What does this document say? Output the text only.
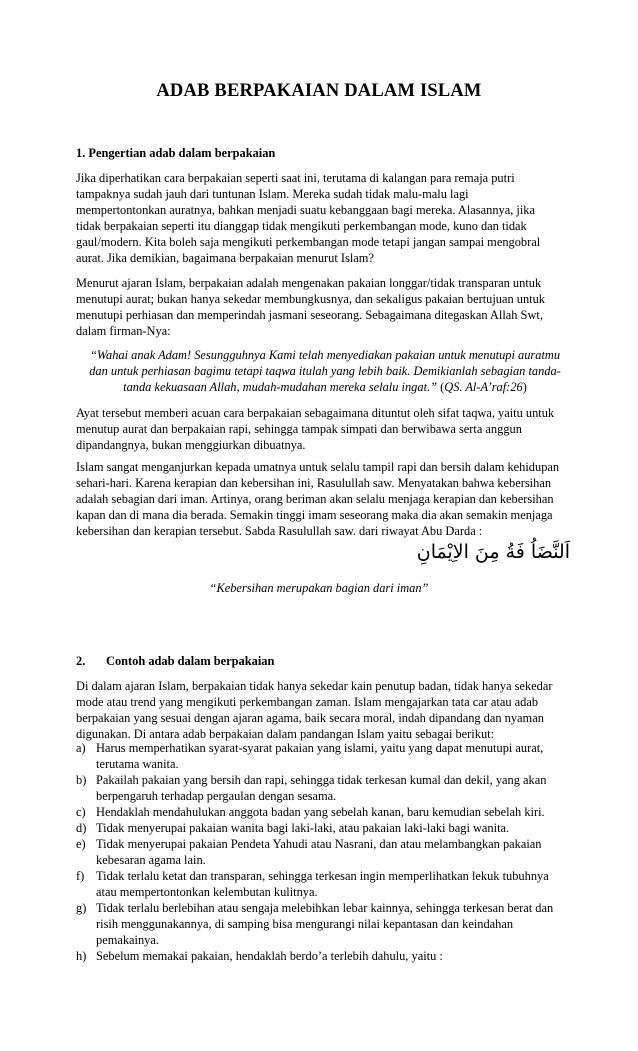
ADAB BERPAKAIAN DALAM ISLAM
1. Pengertian adab dalam berpakaian
Jika diperhatikan cara berpakaian seperti saat ini, terutama di kalangan para remaja putri
tampaknya sudah jauh dari tuntunan Islam. Mereka sudah tidak malu-malu lagi
mempertontonkan auratnya, bahkan menjadi suatu kebanggaan bagi mereka. Alasannya, jika
tidak berpakaian seperti itu dianggap tidak mengikuti perkembangan mode, kuno dan tidak
gaul/modern. Kita boleh saja mengikuti perkembangan mode tetapi jangan sampai mengobral
aurat. Jika demikian, bagaimana berpakaian menurut Islam?
Menurut ajaran Islam, berpakaian adalah mengenakan pakaian longgar/tidak transparan untuk
menutupi aurat; bukan hanya sekedar membungkusnya, dan sekaligus pakaian bertujuan untuk
menutupi perhiasan dan memperindah jasmani seseorang. Sebagaimana ditegaskan Allah Swt,
dalam firman-Nya:
“Wahai anak Adam! Sesungguhnya Kami telah menyediakan pakaian untuk menutupi auratmu
dan untuk perhiasan bagimu tetapi taqwa itulah yang lebih baik. Demikianlah sebagian tanda-
tanda kekuasaan Allah, mudah-mudahan mereka selalu ingat.” (QS. Al-A’raf:26)
Ayat tersebut memberi acuan cara berpakaian sebagaimana dituntut oleh sifat taqwa, yaitu untuk
menutup aurat dan berpakaian rapi, sehingga tampak simpati dan berwibawa serta anggun
dipandangnya, bukan menggiurkan dibuatnya.
Islam sangat menganjurkan kepada umatnya untuk selalu tampil rapi dan bersih dalam kehidupan
sehari-hari. Karena kerapian dan kebersihan ini, Rasulullah saw. Menyatakan bahwa kebersihan
adalah sebagian dari iman. Artinya, orang beriman akan selalu menjaga kerapian dan kebersihan
kapan dan di mana dia berada. Semakin tinggi imam seseorang maka dia akan semakin menjaga
kebersihan dan kerapian tersebut. Sabda Rasulullah saw. dari riwayat Abu Darda :
اَلنَّضَاُ فَةُ مِنَ الاِيْمَانِ
“Kebersihan merupakan bagian dari iman”
2. Contoh adab dalam berpakaian
Di dalam ajaran Islam, berpakaian tidak hanya sekedar kain penutup badan, tidak hanya sekedar
mode atau trend yang mengikuti perkembangan zaman. Islam mengajarkan tata car atau adab
berpakaian yang sesuai dengan ajaran agama, baik secara moral, indah dipandang dan nyaman
digunakan. Di antara adab berpakaian dalam pandangan Islam yaitu sebagai berikut:
a) Harus memperhatikan syarat-syarat pakaian yang islami, yaitu yang dapat menutupi aurat,
terutama wanita.
b) Pakailah pakaian yang bersih dan rapi, sehingga tidak terkesan kumal dan dekil, yang akan
berpengaruh terhadap pergaulan dengan sesama.
c) Hendaklah mendahulukan anggota badan yang sebelah kanan, baru kemudian sebelah kiri.
d) Tidak menyerupai pakaian wanita bagi laki-laki, atau pakaian laki-laki bagi wanita.
e) Tidak menyerupai pakaian Pendeta Yahudi atau Nasrani, dan atau melambangkan pakaian
kebesaran agama lain.
f) Tidak terlalu ketat dan transparan, sehingga terkesan ingin memperlihatkan lekuk tubuhnya
atau mempertontonkan kelembutan kulitnya.
g) Tidak terlalu berlebihan atau sengaja melebihkan lebar kainnya, sehingga terkesan berat dan
risih menggunakannya, di samping bisa mengurangi nilai kepantasan dan keindahan
pemakainya.
h) Sebelum memakai pakaian, hendaklah berdo’a terlebih dahulu, yaitu :
